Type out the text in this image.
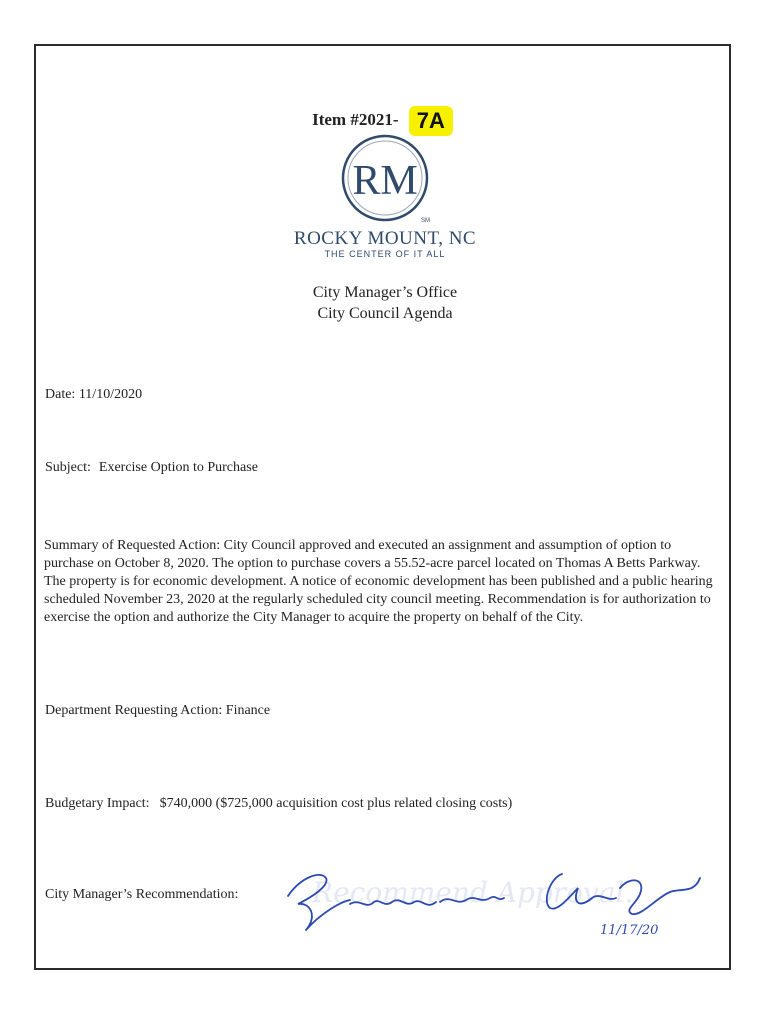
Item #2021- 7A
RM
SM
ROCKY MOUNT, NC
THE CENTER OF IT ALL
City Manager’s Office
City Council Agenda
Date: 11/10/2020
Subject: Exercise Option to Purchase
Summary of Requested Action: City Council approved and executed an assignment and assumption of option to purchase on October 8, 2020. The option to purchase covers a 55.52-acre parcel located on Thomas A Betts Parkway. The property is for economic development. A notice of economic development has been published and a public hearing scheduled November 23, 2020 at the regularly scheduled city council meeting. Recommendation is for authorization to exercise the option and authorize the City Manager to acquire the property on behalf of the City.
Department Requesting Action: Finance
Budgetary Impact: $740,000 ($725,000 acquisition cost plus related closing costs)
City Manager’s Recommendation:	Recommend Approval.
11/17/20
